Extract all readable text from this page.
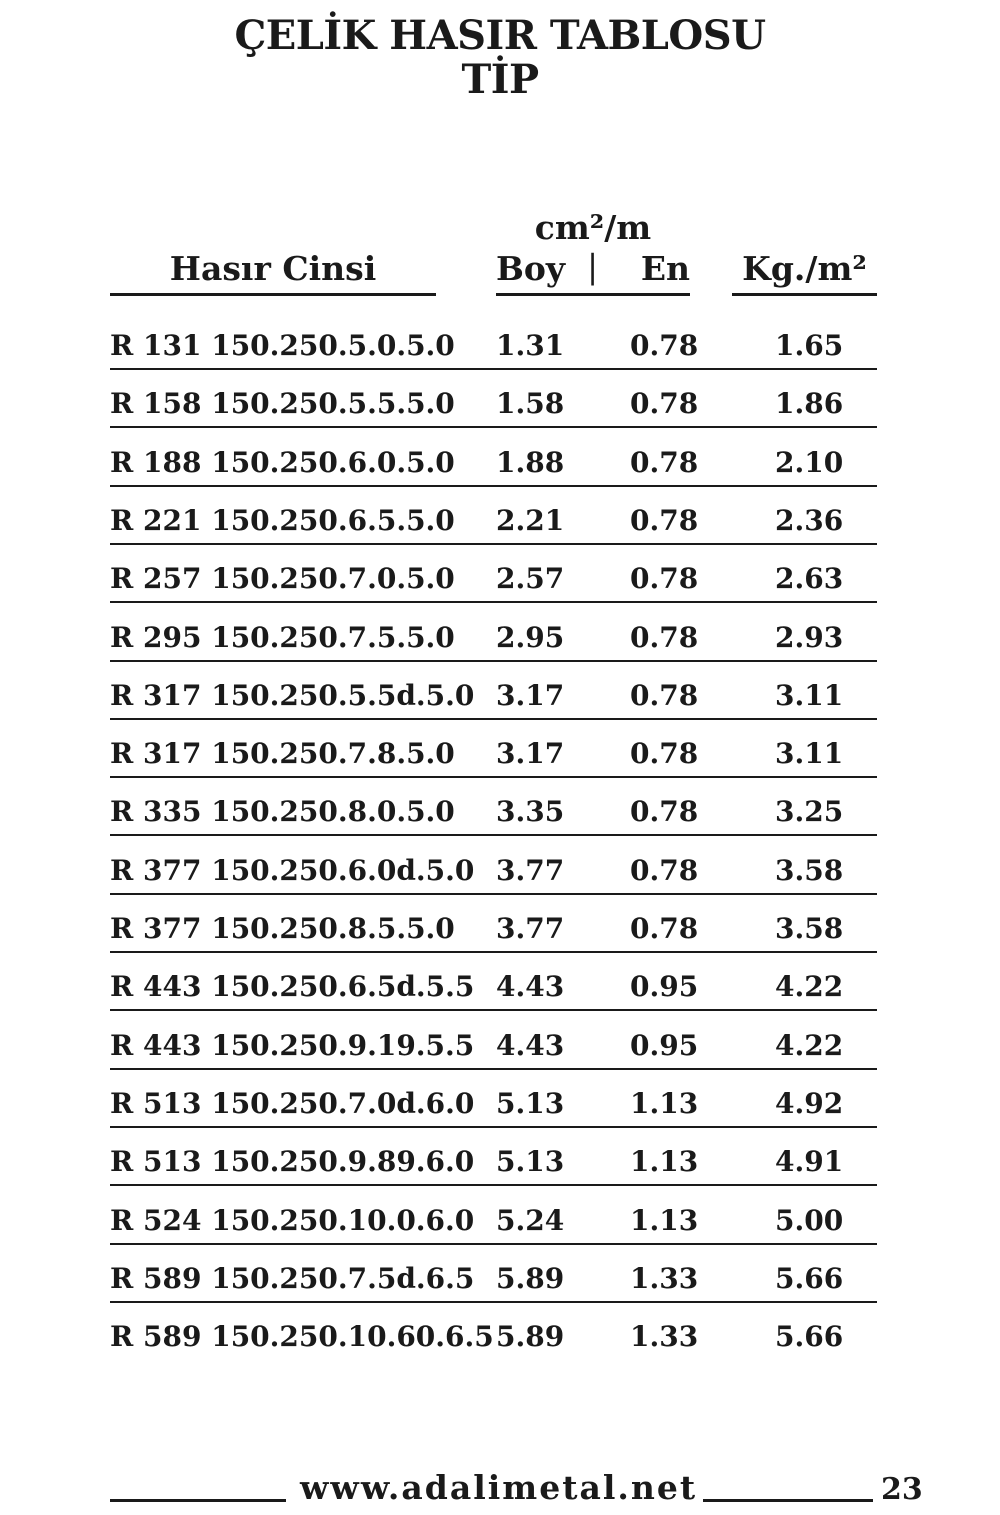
ÇELİK HASIR TABLOSU
TİP
cm²/m
Hasır Cinsi	Boy | En	Kg./m²
R 131 150.250.5.0.5.0 1.31 0.78	1.65
R 158 150.250.5.5.5.0 1.58 0.78	1.86
R 188 150.250.6.0.5.0 1.88 0.78	2.10
R 221 150.250.6.5.5.0 2.21 0.78	2.36
R 257 150.250.7.0.5.0 2.57 0.78	2.63
R 295 150.250.7.5.5.0 2.95 0.78	2.93
R 317 150.250.5.5d.5.0 3.17 0.78	3.11
R 317 150.250.7.8.5.0 3.17 0.78	3.11
R 335 150.250.8.0.5.0 3.35 0.78	3.25
R 377 150.250.6.0d.5.0 3.77 0.78	3.58
R 377 150.250.8.5.5.0 3.77 0.78	3.58
R 443 150.250.6.5d.5.5 4.43 0.95	4.22
R 443 150.250.9.19.5.5 4.43 0.95	4.22
R 513 150.250.7.0d.6.0 5.13 1.13	4.92
R 513 150.250.9.89.6.0 5.13 1.13	4.91
R 524 150.250.10.0.6.0 5.24 1.13	5.00
R 589 150.250.7.5d.6.5 5.89 1.33	5.66
R 589 150.250.10.60.6.5 5.89 1.33	5.66
www.adalimetal.net	23
